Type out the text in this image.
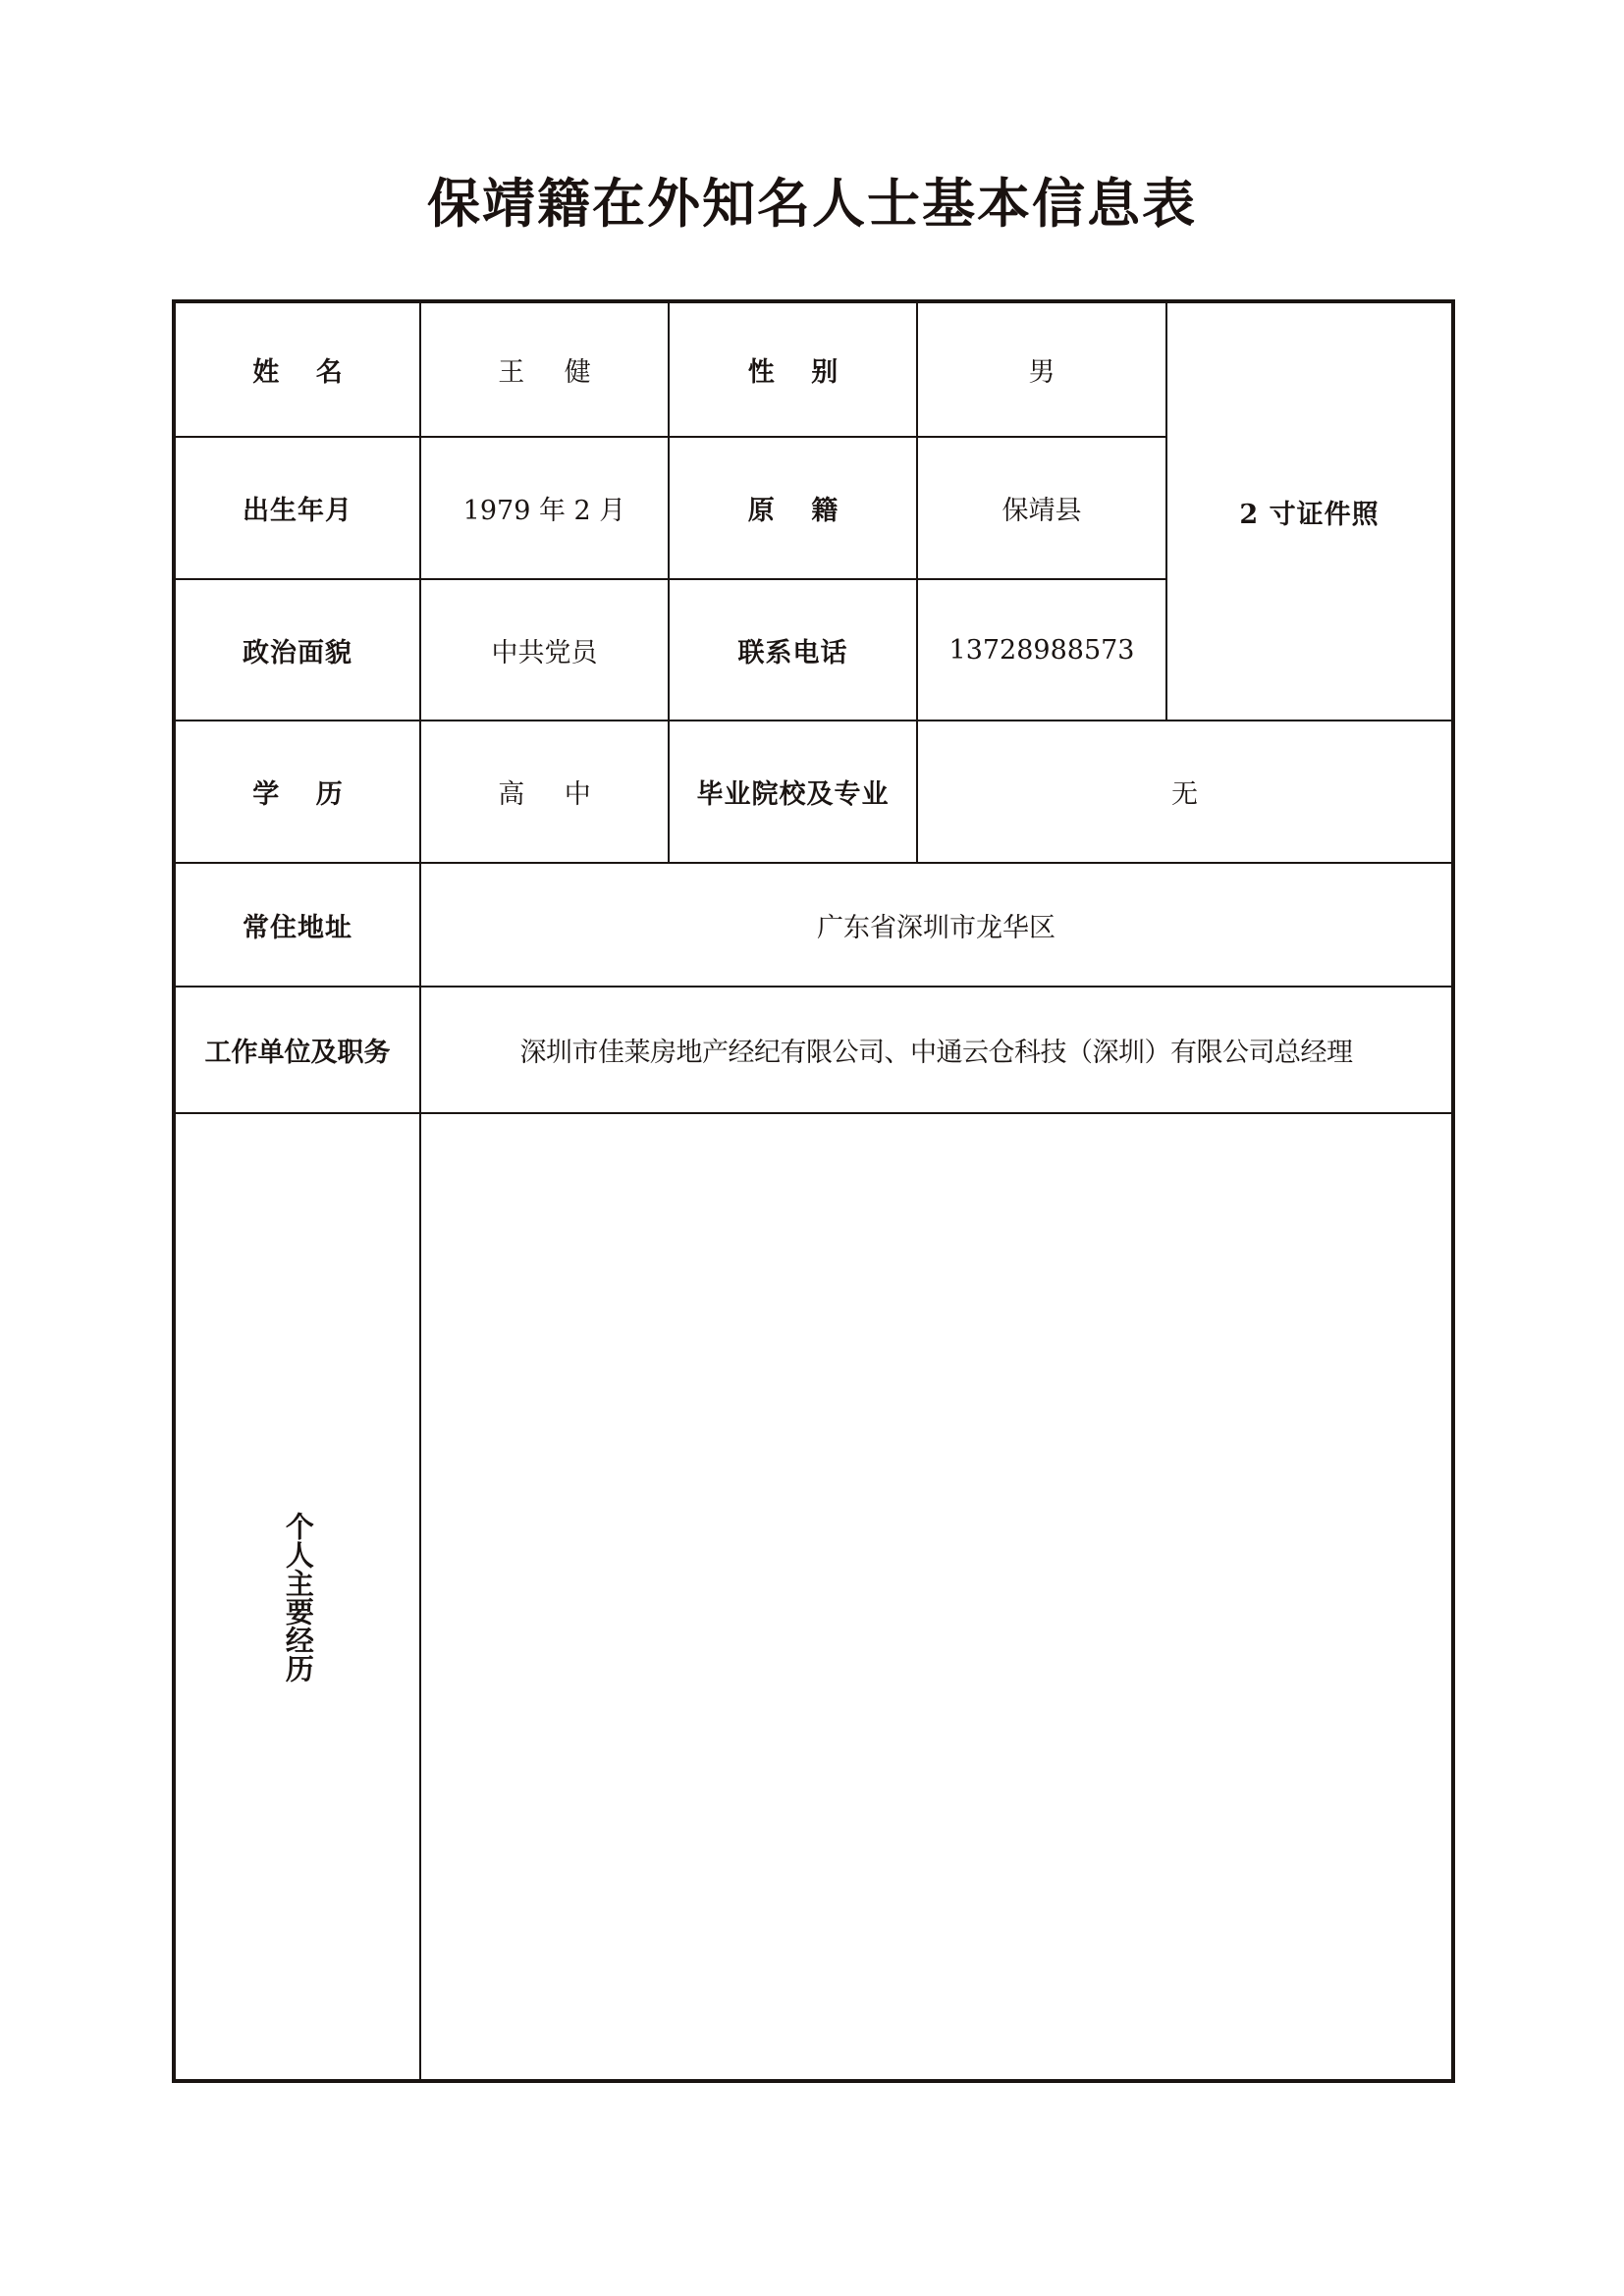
保靖籍在外知名人士基本信息表
姓 名	王 健	性 别	男	2 寸证件照
出生年月	1979 年 2 月	原 籍	保靖县	
政治面貌	中共党员	联系电话	13728988573	
学 历	高 中	毕业院校及专业	无	
常住地址	广东省深圳市龙华区			
工作单位及职务	深圳市佳莱房地产经纪有限公司、中通云仓科技（深圳）有限公司总经理			

个人主要经历				
